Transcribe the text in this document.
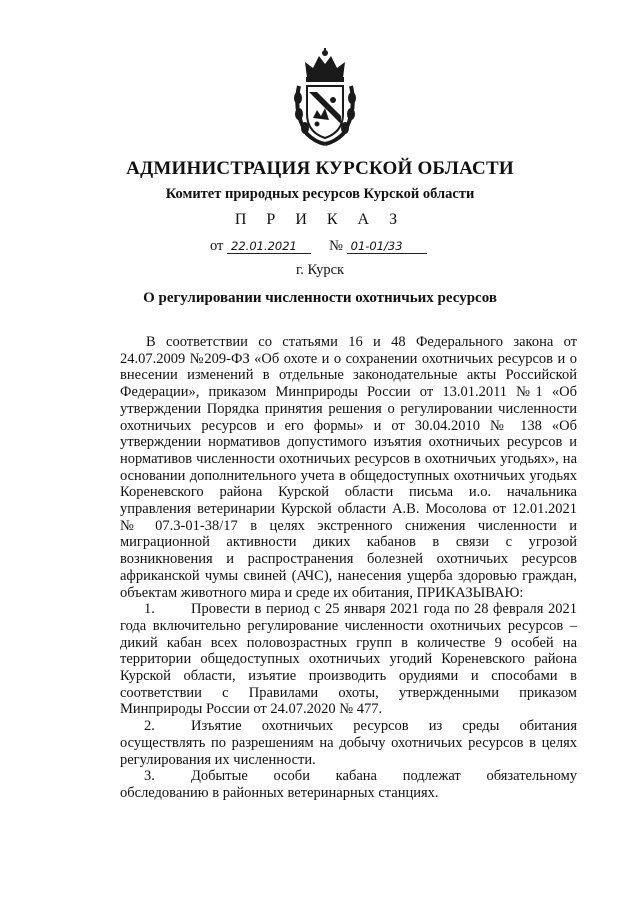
АДМИНИСТРАЦИЯ КУРСКОЙ ОБЛАСТИ
Комитет природных ресурсов Курской области
П Р И К А З
от 22.01.2021 № 01-01/33
г. Курск
О регулировании численности охотничьих ресурсов

В соответствии со статьями 16 и 48 Федерального закона от 24.07.2009 №209-ФЗ «Об охоте и о сохранении охотничьих ресурсов и о внесении изменений в отдельные законодательные акты Российской Федерации», приказом Минприроды России от 13.01.2011 №1 «Об утверждении Порядка принятия решения о регулировании численности охотничьих ресурсов и его формы» и от 30.04.2010 № 138 «Об утверждении нормативов допустимого изъятия охотничьих ресурсов и нормативов численности охотничьих ресурсов в охотничьих угодьях», на основании дополнительного учета в общедоступных охотничьих угодьях Кореневского района Курской области письма и.о. начальника управления ветеринарии Курской области А.В. Мосолова от 12.01.2021 № 07.3-01-38/17 в целях экстренного снижения численности и миграционной активности диких кабанов в связи с угрозой возникновения и распространения болезней охотничьих ресурсов африканской чумы свиней (АЧС), нанесения ущерба здоровью граждан, объектам животного мира и среде их обитания, ПРИКАЗЫВАЮ:

1. Провести в период с 25 января 2021 года по 28 февраля 2021 года включительно регулирование численности охотничьих ресурсов – дикий кабан всех половозрастных групп в количестве 9 особей на территории общедоступных охотничьих угодий Кореневского района Курской области, изъятие производить орудиями и способами в соответствии с Правилами охоты, утвержденными приказом Минприроды России от 24.07.2020 № 477.

2. Изъятие охотничьих ресурсов из среды обитания осуществлять по разрешениям на добычу охотничьих ресурсов в целях регулирования их численности.

3. Добытые особи кабана подлежат обязательному обследованию в районных ветеринарных станциях.
